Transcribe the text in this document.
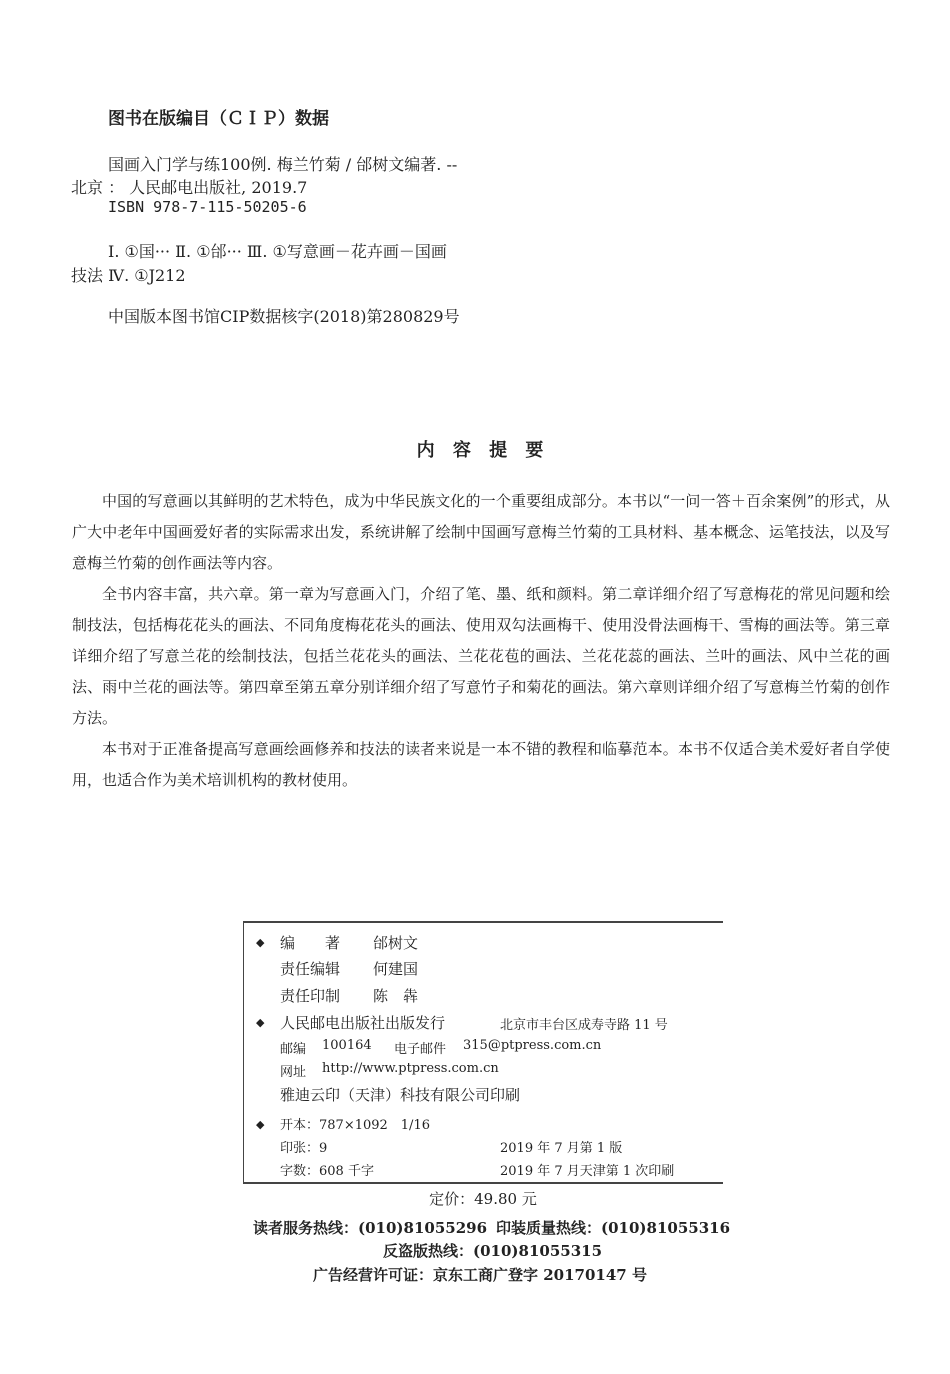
图书在版编目（ＣＩＰ）数据
国画入门学与练100例. 梅兰竹菊 / 邰树文编著. --
北京 ： 人民邮电出版社, 2019.7
ISBN 978-7-115-50205-6
Ⅰ. ①国··· Ⅱ. ①邰··· Ⅲ. ①写意画－花卉画－国画
技法 Ⅳ. ①J212
中国版本图书馆CIP数据核字(2018)第280829号
内 容 提 要

中国的写意画以其鲜明的艺术特色，成为中华民族文化的一个重要组成部分。本书以“一问一答＋百余案例”的形式，从广大中老年中国画爱好者的实际需求出发，系统讲解了绘制中国画写意梅兰竹菊的工具材料、基本概念、运笔技法，以及写意梅兰竹菊的创作画法等内容。

全书内容丰富，共六章。第一章为写意画入门，介绍了笔、墨、纸和颜料。第二章详细介绍了写意梅花的常见问题和绘制技法，包括梅花花头的画法、不同角度梅花花头的画法、使用双勾法画梅干、使用没骨法画梅干、雪梅的画法等。第三章详细介绍了写意兰花的绘制技法，包括兰花花头的画法、兰花花苞的画法、兰花花蕊的画法、兰叶的画法、风中兰花的画法、雨中兰花的画法等。第四章至第五章分别详细介绍了写意竹子和菊花的画法。第六章则详细介绍了写意梅兰竹菊的创作方法。

本书对于正准备提高写意画绘画修养和技法的读者来说是一本不错的教程和临摹范本。本书不仅适合美术爱好者自学使用，也适合作为美术培训机构的教材使用。

◆ 编　　著 邰树文
责任编辑 何建国
责任印制 陈　犇
◆ 人民邮电出版社出版发行	北京市丰台区成寿寺路 11 号
邮编 100164 电子邮件 315@ptpress.com.cn
网址 http://www.ptpress.com.cn
雅迪云印（天津）科技有限公司印刷
◆ 开本：787×1092　1/16
印张：9	2019 年 7 月第 1 版
字数：608 千字	2019 年 7 月天津第 1 次印刷
定价：49.80 元
读者服务热线：(010)81055296 印装质量热线：(010)81055316
反盗版热线：(010)81055315
广告经营许可证：京东工商广登字 20170147 号
